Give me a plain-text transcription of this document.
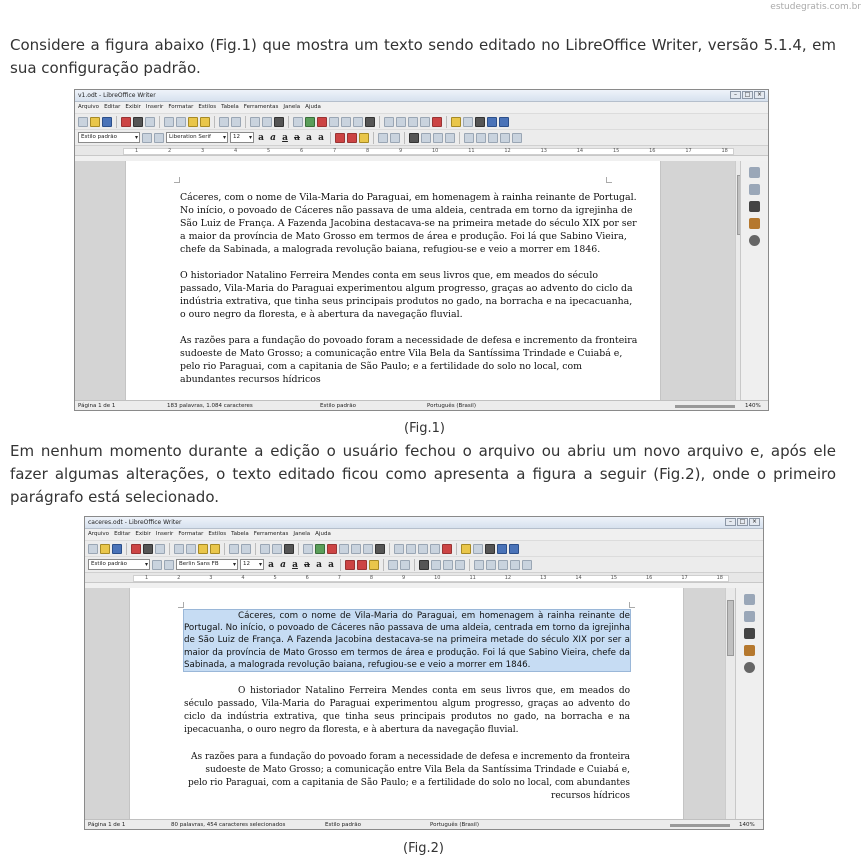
estudegratis.com.br
Considere a figura abaixo (Fig.1) que mostra um texto sendo editado no LibreOffice Writer, versão 5.1.4, em sua configuração padrão.
v1.odt - LibreOffice Writer	–	□	×
Arquivo Editar Exibir Inserir Formatar Estilos Tabela Ferramentas Janela Ajuda
Estilo padrão ▾	Liberation Serif ▾	12 ▾	a a a a a a
1	2	3	4	5	6	7	8	9	10	11	12	13	14	15	16	17	18

Cáceres, com o nome de Vila-Maria do Paraguai, em homenagem à rainha reinante de Portugal. No início, o povoado de Cáceres não passava de uma aldeia, centrada em torno da igrejinha de São Luiz de França. A Fazenda Jacobina destacava-se na primeira metade do século XIX por ser a maior da província de Mato Grosso em termos de área e produção. Foi lá que Sabino Vieira, chefe da Sabinada, a malograda revolução baiana, refugiou-se e veio a morrer em 1846.

O historiador Natalino Ferreira Mendes conta em seus livros que, em meados do século passado, Vila-Maria do Paraguai experimentou algum progresso, graças ao advento do ciclo da indústria extrativa, que tinha seus principais produtos no gado, na borracha e na ipecacuanha, o ouro negro da floresta, e à abertura da navegação fluvial.

As razões para a fundação do povoado foram a necessidade de defesa e incremento da fronteira sudoeste de Mato Grosso; a comunicação entre Vila Bela da Santíssima Trindade e Cuiabá e, pelo rio Paraguai, com a capitania de São Paulo; e a fertilidade do solo no local, com abundantes recursos hídricos

Página 1 de 1	183 palavras, 1.084 caracteres	Estilo padrão	Português (Brasil)	140%
(Fig.1)
Em nenhum momento durante a edição o usuário fechou o arquivo ou abriu um novo arquivo e, após ele fazer algumas alterações, o texto editado ficou como apresenta a figura a seguir (Fig.2), onde o primeiro parágrafo está selecionado.
caceres.odt - LibreOffice Writer	–	□	×
Arquivo Editar Exibir Inserir Formatar Estilos Tabela Ferramentas Janela Ajuda
Estilo padrão ▾	Berlin Sans FB ▾	12 ▾	a a a a a a
1	2	3	4	5	6	7	8	9	10	11	12	13	14	15	16	17	18
Cáceres, com o nome de Vila-Maria do Paraguai, em homenagem à rainha reinante de Portugal. No início, o povoado de Cáceres não passava de uma aldeia, centrada em torno da igrejinha de São Luiz de França. A Fazenda Jacobina destacava-se na primeira metade do século XIX por ser a maior da província de Mato Grosso em termos de área e produção. Foi lá que Sabino Vieira, chefe da Sabinada, a malograda revolução baiana, refugiou-se e veio a morrer em 1846.
O historiador Natalino Ferreira Mendes conta em seus livros que, em meados do século passado, Vila-Maria do Paraguai experimentou algum progresso, graças ao advento do ciclo da indústria extrativa, que tinha seus principais produtos no gado, na borracha e na ipecacuanha, o ouro negro da floresta, e à abertura da navegação fluvial.
As razões para a fundação do povoado foram a necessidade de defesa e incremento da fronteira sudoeste de Mato Grosso; a comunicação entre Vila Bela da Santíssima Trindade e Cuiabá e, pelo rio Paraguai, com a capitania de São Paulo; e a fertilidade do solo no local, com abundantes recursos hídricos
Página 1 de 1	80 palavras, 454 caracteres selecionados	Estilo padrão	Português (Brasil)	140%
(Fig.2)
